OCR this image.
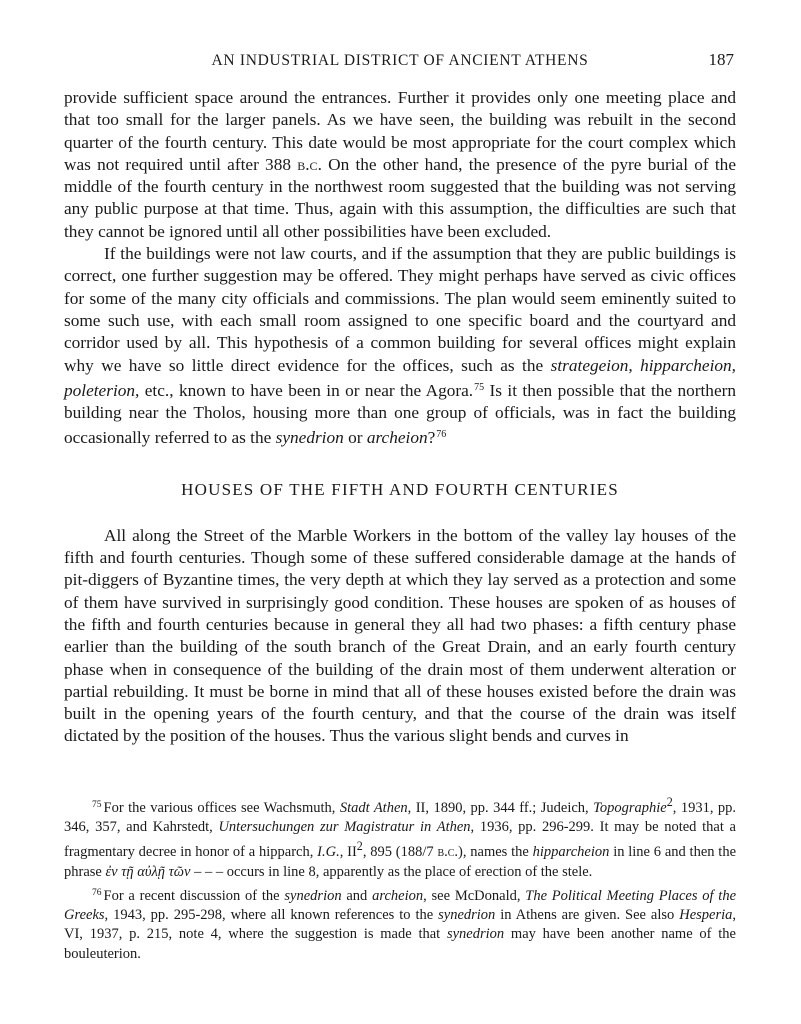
AN INDUSTRIAL DISTRICT OF ANCIENT ATHENS	187

provide sufficient space around the entrances. Further it provides only one meeting place and that too small for the larger panels. As we have seen, the building was rebuilt in the second quarter of the fourth century. This date would be most appropriate for the court complex which was not required until after 388 b.c. On the other hand, the presence of the pyre burial of the middle of the fourth century in the northwest room suggested that the building was not serving any public purpose at that time. Thus, again with this assumption, the difficulties are such that they cannot be ignored until all other possibilities have been excluded.

If the buildings were not law courts, and if the assumption that they are public buildings is correct, one further suggestion may be offered. They might perhaps have served as civic offices for some of the many city officials and commissions. The plan would seem eminently suited to some such use, with each small room assigned to one specific board and the courtyard and corridor used by all. This hypothesis of a common building for several offices might explain why we have so little direct evidence for the offices, such as the strategeion, hipparcheion, poleterion, etc., known to have been in or near the Agora.$^{75}$ Is it then possible that the northern building near the Tholos, housing more than one group of officials, was in fact the building occasionally referred to as the synedrion or archeion?$^{76}$

HOUSES OF THE FIFTH AND FOURTH CENTURIES

All along the Street of the Marble Workers in the bottom of the valley lay houses of the fifth and fourth centuries. Though some of these suffered considerable damage at the hands of pit-diggers of Byzantine times, the very depth at which they lay served as a protection and some of them have survived in surprisingly good condition. These houses are spoken of as houses of the fifth and fourth centuries because in general they all had two phases: a fifth century phase earlier than the building of the south branch of the Great Drain, and an early fourth century phase when in consequence of the building of the drain most of them underwent alteration or partial rebuilding. It must be borne in mind that all of these houses existed before the drain was built in the opening years of the fourth century, and that the course of the drain was itself dictated by the position of the houses. Thus the various slight bends and curves in

$^{75}$ For the various offices see Wachsmuth, Stadt Athen, II, 1890, pp. 344 ff.; Judeich, Topographie$^2$, 1931, pp. 346, 357, and Kahrstedt, Untersuchungen zur Magistratur in Athen, 1936, pp. 296-299. It may be noted that a fragmentary decree in honor of a hipparch, I.G., $II^2$, 895 (188/7 b.c.), names the hipparcheion in line 6 and then the phrase ἐν τῇ αὐλῇ τῶν – – – occurs in line 8, apparently as the place of erection of the stele.

$^{76}$ For a recent discussion of the synedrion and archeion, see McDonald, The Political Meeting Places of the Greeks, 1943, pp. 295-298, where all known references to the synedrion in Athens are given. See also Hesperia, VI, 1937, p. 215, note 4, where the suggestion is made that synedrion may have been another name of the bouleuterion.
